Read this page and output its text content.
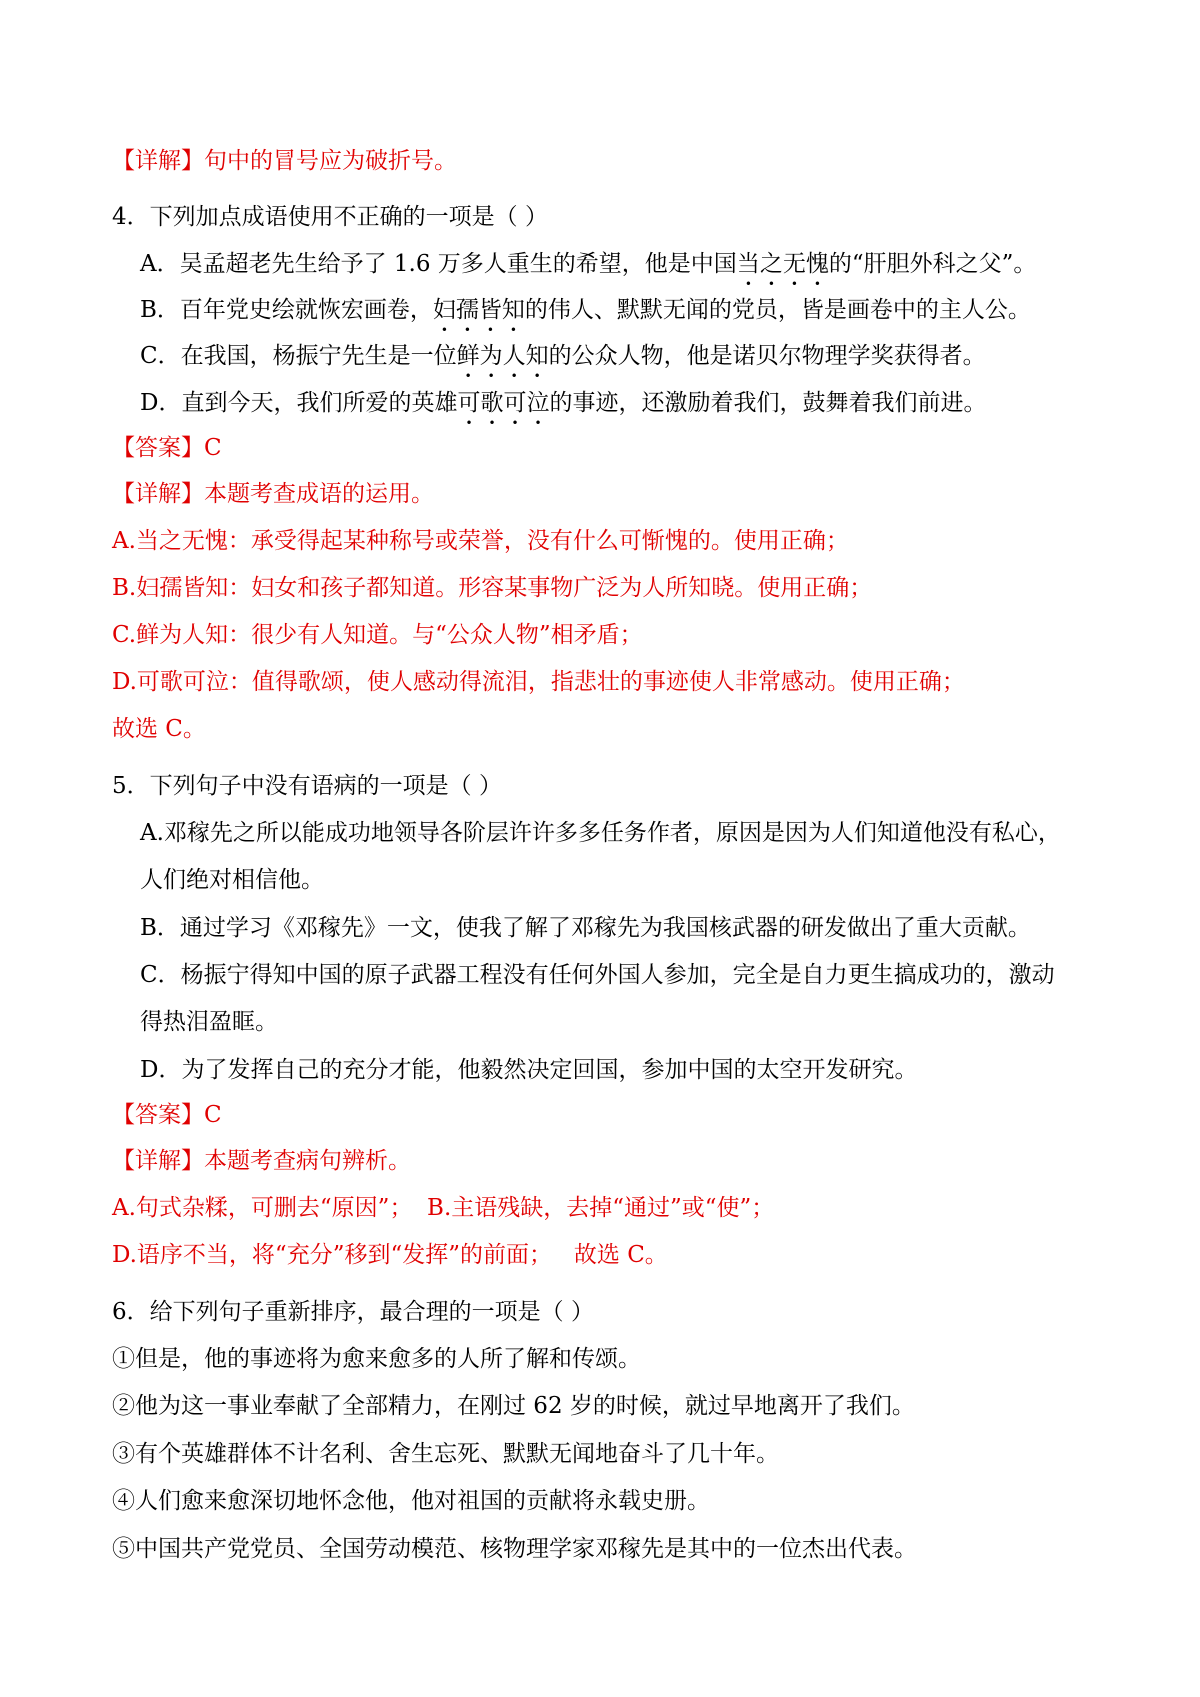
【详解】句中的冒号应为破折号。
4．下列加点成语使用不正确的一项是（ ）
A．吴孟超老先生给予了 1.6 万多人重生的希望，他是中国当之无愧的“肝胆外科之父”。
B．百年党史绘就恢宏画卷，妇孺皆知的伟人、默默无闻的党员，皆是画卷中的主人公。
C．在我国，杨振宁先生是一位鲜为人知的公众人物，他是诺贝尔物理学奖获得者。
D．直到今天，我们所爱的英雄可歌可泣的事迹，还激励着我们，鼓舞着我们前进。
【答案】C
【详解】本题考查成语的运用。
A.当之无愧：承受得起某种称号或荣誉，没有什么可惭愧的。使用正确；
B.妇孺皆知：妇女和孩子都知道。形容某事物广泛为人所知晓。使用正确；
C.鲜为人知：很少有人知道。与“公众人物”相矛盾；
D.可歌可泣：值得歌颂，使人感动得流泪，指悲壮的事迹使人非常感动。使用正确；
故选 C。
5．下列句子中没有语病的一项是（ ）
A.邓稼先之所以能成功地领导各阶层许许多多任务作者，原因是因为人们知道他没有私心，
人们绝对相信他。
B．通过学习《邓稼先》一文，使我了解了邓稼先为我国核武器的研发做出了重大贡献。
C．杨振宁得知中国的原子武器工程没有任何外国人参加，完全是自力更生搞成功的，激动
得热泪盈眶。
D．为了发挥自己的充分才能，他毅然决定回国，参加中国的太空开发研究。
【答案】C
【详解】本题考查病句辨析。
A.句式杂糅，可删去“原因”；  B.主语残缺，去掉“通过”或“使”；
D.语序不当，将“充分”移到“发挥”的前面；   故选 C。
6．给下列句子重新排序，最合理的一项是（ ）
①但是，他的事迹将为愈来愈多的人所了解和传颂。
②他为这一事业奉献了全部精力，在刚过 62 岁的时候，就过早地离开了我们。
③有个英雄群体不计名利、舍生忘死、默默无闻地奋斗了几十年。
④人们愈来愈深切地怀念他，他对祖国的贡献将永载史册。
⑤中国共产党党员、全国劳动模范、核物理学家邓稼先是其中的一位杰出代表。
